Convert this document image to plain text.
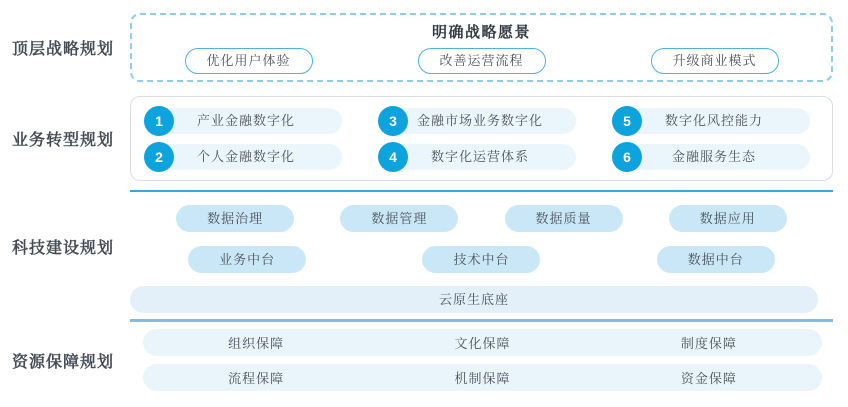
顶层战略规划
明确战略愿景
优化用户体验	改善运营流程	升级商业模式
业务转型规划
1	产业金融数字化
2	个人金融数字化
3	金融市场业务数字化
4	数字化运营体系
5	数字化风控能力
6	金融服务生态
科技建设规划
数据治理	数据管理	数据质量	数据应用
业务中台	技术中台	数据中台
云原生底座
资源保障规划
组织保障	文化保障	制度保障
流程保障	机制保障	资金保障
